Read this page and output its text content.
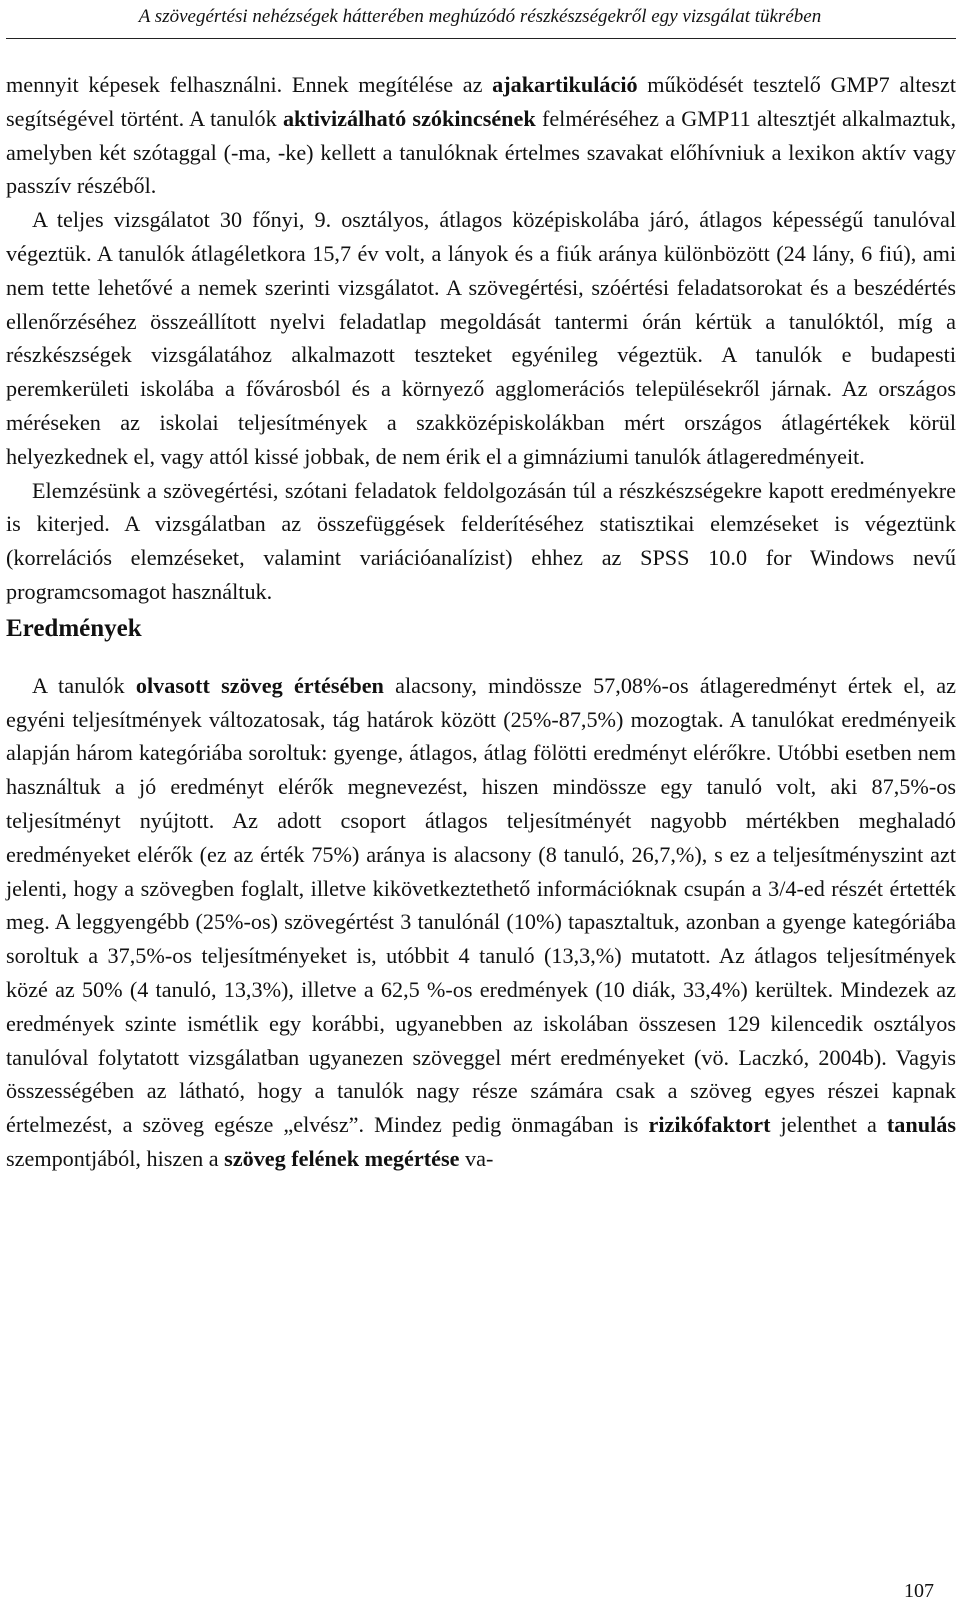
A szövegértési nehézségek hátterében meghúzódó részkészségekről egy vizsgálat tükrében

mennyit képesek felhasználni. Ennek megítélése az ajakartikuláció működését tesztelő GMP7 alteszt segítségével történt. A tanulók aktivizálható szókincsének felméréséhez a GMP11 altesztjét alkalmaztuk, amelyben két szótaggal (-ma, -ke) kellett a tanulóknak értelmes szavakat előhívniuk a lexikon aktív vagy passzív részéből.

A teljes vizsgálatot 30 főnyi, 9. osztályos, átlagos középiskolába járó, átlagos képességű tanulóval végeztük. A tanulók átlagéletkora 15,7 év volt, a lányok és a fiúk aránya különbözött (24 lány, 6 fiú), ami nem tette lehetővé a nemek szerinti vizsgálatot. A szövegértési, szóértési feladatsorokat és a beszédértés ellenőrzéséhez összeállított nyelvi feladatlap megoldását tantermi órán kértük a tanulóktól, míg a részkészségek vizsgálatához alkalmazott teszteket egyénileg végeztük. A tanulók e budapesti peremkerületi iskolába a fővárosból és a környező agglomerációs településekről járnak. Az országos méréseken az iskolai teljesítmények a szakközépiskolákban mért országos átlagértékek körül helyezkednek el, vagy attól kissé jobbak, de nem érik el a gimnáziumi tanulók átlageredményeit.

Elemzésünk a szövegértési, szótani feladatok feldolgozásán túl a részkészségekre kapott eredményekre is kiterjed. A vizsgálatban az összefüggések felderítéséhez statisztikai elemzéseket is végeztünk (korrelációs elemzéseket, valamint variációanalízist) ehhez az SPSS 10.0 for Windows nevű programcsomagot használtuk.

Eredmények

A tanulók olvasott szöveg értésében alacsony, mindössze 57,08%-os átlageredményt értek el, az egyéni teljesítmények változatosak, tág határok között (25%-87,5%) mozogtak. A tanulókat eredményeik alapján három kategóriába soroltuk: gyenge, átlagos, átlag fölötti eredményt elérőkre. Utóbbi esetben nem használtuk a jó eredményt elérők megnevezést, hiszen mindössze egy tanuló volt, aki 87,5%-os teljesítményt nyújtott. Az adott csoport átlagos teljesítményét nagyobb mértékben meghaladó eredményeket elérők (ez az érték 75%) aránya is alacsony (8 tanuló, 26,7,%), s ez a teljesítményszint azt jelenti, hogy a szövegben foglalt, illetve kikövetkeztethető információknak csupán a 3/4-ed részét értették meg. A leggyengébb (25%-os) szövegértést 3 tanulónál (10%) tapasztaltuk, azonban a gyenge kategóriába soroltuk a 37,5%-os teljesítményeket is, utóbbit 4 tanuló (13,3,%) mutatott. Az átlagos teljesítmények közé az 50% (4 tanuló, 13,3%), illetve a 62,5 %-os eredmények (10 diák, 33,4%) kerültek. Mindezek az eredmények szinte ismétlik egy korábbi, ugyanebben az iskolában összesen 129 kilencedik osztályos tanulóval folytatott vizsgálatban ugyanezen szöveggel mért eredményeket (vö. Laczkó, 2004b). Vagyis összességében az látható, hogy a tanulók nagy része számára csak a szöveg egyes részei kapnak értelmezést, a szöveg egésze „elvész”. Mindez pedig önmagában is rizikófaktort jelenthet a tanulás szempontjából, hiszen a szöveg felének megértése va-

107
